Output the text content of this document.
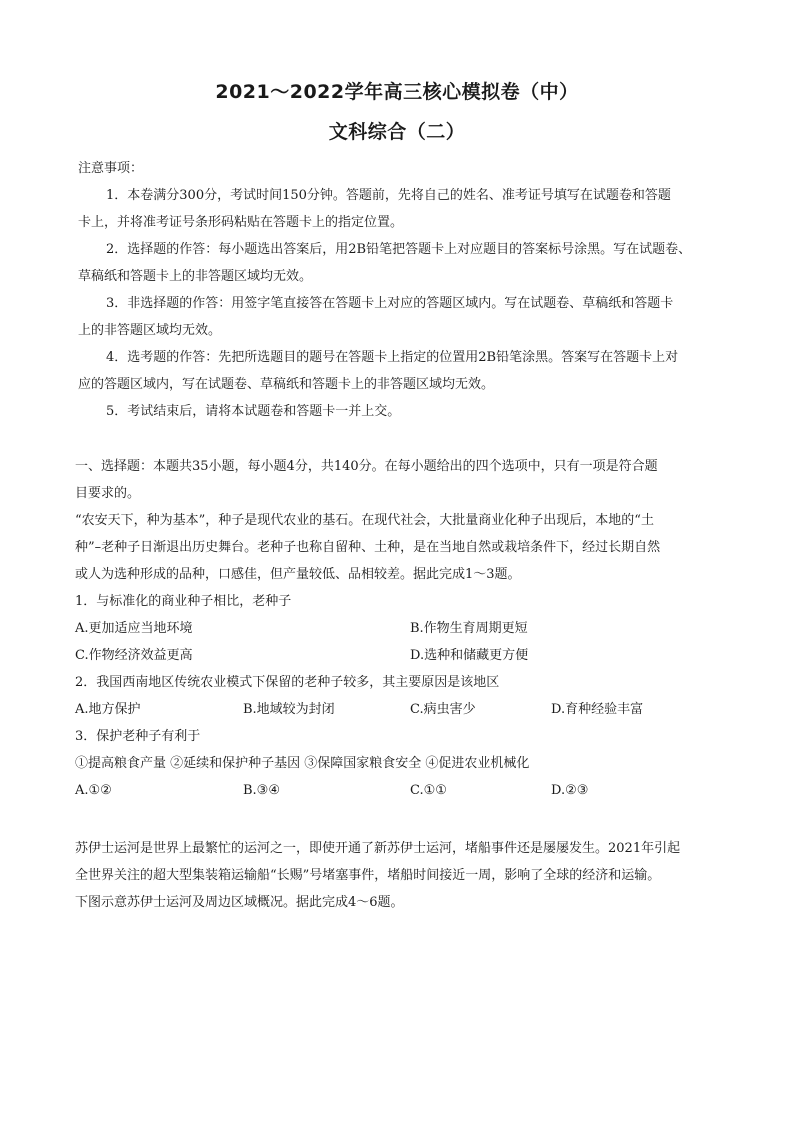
2021～2022学年高三核心模拟卷（中）
文科综合（二）
注意事项：
1．本卷满分300分，考试时间150分钟。答题前，先将自己的姓名、准考证号填写在试题卷和答题
卡上，并将准考证号条形码粘贴在答题卡上的指定位置。
2．选择题的作答：每小题选出答案后，用2B铅笔把答题卡上对应题目的答案标号涂黑。写在试题卷、
草稿纸和答题卡上的非答题区域均无效。
3．非选择题的作答：用签字笔直接答在答题卡上对应的答题区域内。写在试题卷、草稿纸和答题卡
上的非答题区域均无效。
4．选考题的作答：先把所选题目的题号在答题卡上指定的位置用2B铅笔涂黑。答案写在答题卡上对
应的答题区域内，写在试题卷、草稿纸和答题卡上的非答题区域均无效。
5．考试结束后，请将本试题卷和答题卡一并上交。
一、选择题：本题共35小题，每小题4分，共140分。在每小题给出的四个选项中，只有一项是符合题
目要求的。
“农安天下，种为基本”，种子是现代农业的基石。在现代社会，大批量商业化种子出现后，本地的“土
种”–老种子日渐退出历史舞台。老种子也称自留种、土种，是在当地自然或栽培条件下，经过长期自然
或人为选种形成的品种，口感佳，但产量较低、品相较差。据此完成1～3题。
1．与标准化的商业种子相比，老种子
A.更加适应当地环境	B.作物生育周期更短
C.作物经济效益更高	D.选种和储藏更方便
2．我国西南地区传统农业模式下保留的老种子较多，其主要原因是该地区
A.地方保护	B.地域较为封闭	C.病虫害少	D.育种经验丰富
3．保护老种子有利于
①提高粮食产量 ②延续和保护种子基因 ③保障国家粮食安全 ④促进农业机械化
A.①②	B.③④	C.①①	D.②③
苏伊士运河是世界上最繁忙的运河之一，即使开通了新苏伊士运河，堵船事件还是屡屡发生。2021年引起
全世界关注的超大型集装箱运输船“长赐”号堵塞事件，堵船时间接近一周，影响了全球的经济和运输。
下图示意苏伊士运河及周边区域概况。据此完成4～6题。
